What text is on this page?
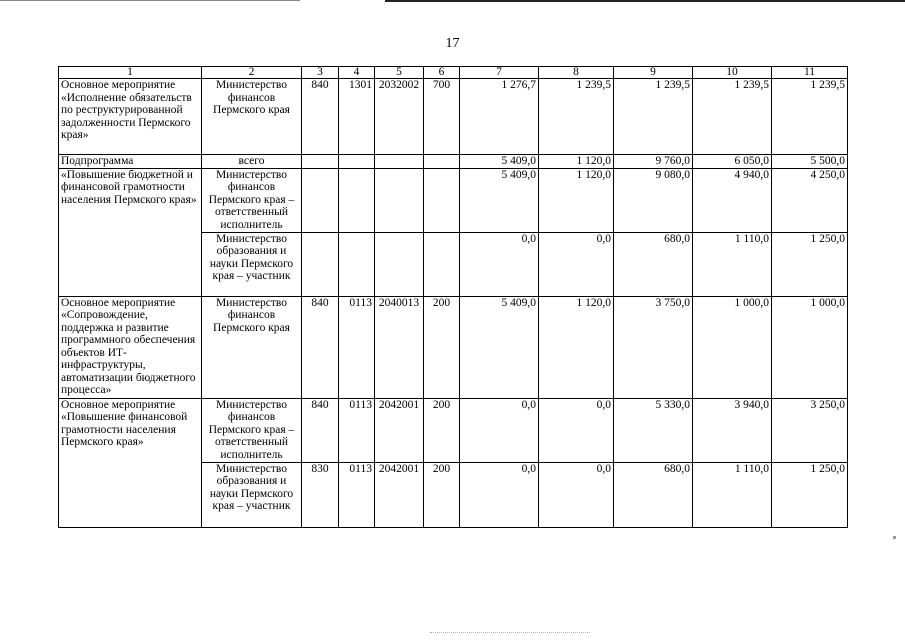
17
1	2	3	4	5	6	7	8	9	10	11
Основное мероприятие «Исполнение обязательств по реструктурированной задолженности Пермского края»	Министерство финансов Пермского края	840	1301	2032002	700	1 276,7	1 239,5	1 239,5	1 239,5	1 239,5
Подпрограмма	всего					5 409,0	1 120,0	9 760,0	6 050,0	5 500,0
«Повышение бюджетной и финансовой грамотности населения Пермского края»	Министерство финансов Пермского края – ответственный исполнитель					5 409,0	1 120,0	9 080,0	4 940,0	4 250,0
	Министерство образования и науки Пермского края – участник					0,0	0,0	680,0	1 110,0	1 250,0
Основное мероприятие «Сопровождение, поддержка и развитие программного обеспечения объектов ИТ-инфраструктуры, автоматизации бюджетного процесса»	Министерство финансов Пермского края	840	0113	2040013	200	5 409,0	1 120,0	3 750,0	1 000,0	1 000,0
Основное мероприятие «Повышение финансовой грамотности населения Пермского края»	Министерство финансов Пермского края – ответственный исполнитель	840	0113	2042001	200	0,0	0,0	5 330,0	3 940,0	3 250,0
	Министерство образования и науки Пермского края – участник	830	0113	2042001	200	0,0	0,0	680,0	1 110,0	1 250,0
